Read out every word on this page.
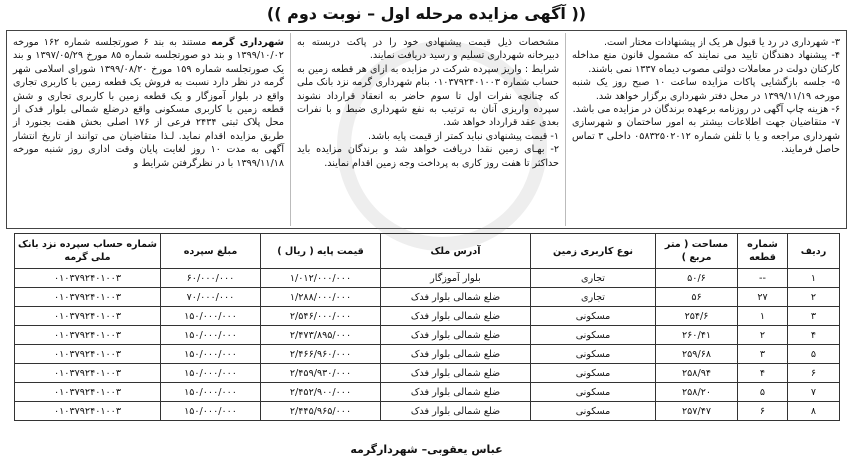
(( آگهی مزایده مرحله اول – نوبت دوم ))

شهرداری گرمه مستند به بند ۶ صورتجلسه شماره ۱۶۲ مورخه ۱۳۹۹/۱۰/۰۲ و بند دو صورتجلسه شماره ۸۵ مورخ ۱۳۹۷/۰۵/۲۹ و بند یک صورتجلسه شماره ۱۵۹ مورخ ۱۳۹۹/۰۸/۲۰ شورای اسلامی شهر گرمه در نظر دارد نسبت به فروش یک قطعه زمین با کاربری تجاری واقع در بلوار آموزگار و یک قطعه زمین با کاربری تجاری و شش قطعه زمین با کاربری مسکونی واقع درضلع شمالی بلوار فدک از محل پلاک ثبتی ۲۴۳۴ فرعی از ۱۷۶ اصلی بخش هفت بجنورد از طریق مزایده اقدام نماید. لـذا متقاضیان می توانند از تاریخ انتشار آگهی به مدت ۱۰ روز لغایت پایان وقت اداری روز شنبه مورخه ۱۳۹۹/۱۱/۱۸ با در نظرگرفتن شرایط و

مشخصات ذیل قیمت پیشنهادی خود را در پاکت دربسته به دبیرخانه شهرداری تسلیم و رسید دریافت نمایند.

شرایط : واریز سپرده شرکت در مزایده به ازای هر قطعه زمین به حساب شماره ۰۱۰۳۷۹۲۴۰۱۰۰۳ بنام شهرداری گرمه نزد بانک ملی که چنانچه نفرات اول تا سوم حاضر به انعقاد قرارداد نشوند سپرده واریزی آنان به ترتیب به نفع شهرداری ضبط و با نفرات بعدی عقد قرارداد خواهد شد.

۱- قیمت پیشنهادی نباید کمتر از قیمت پایه باشد.

۲- بهـای زمین نقدا دریافت خواهد شد و برندگان مزایده باید حداکثر تا هفت روز کاری به پرداخت وجه زمین اقدام نمایند.

۳- شهرداری در رد یا قبول هر یک از پیشنهادات مختار است.

۴- پیشنهاد دهندگان تایید می نمایند که مشمول قانون منع مداخله کارکنان دولت در معاملات دولتی مصوب دیماه ۱۳۳۷ نمی باشند.

۵- جلسه بازگشایی پاکات مزایده ساعت ۱۰ صبح روز یک شنبه مورخه ۱۳۹۹/۱۱/۱۹ در محل دفتر شهرداری برگزار خواهد شد.

۶- هزینه چاپ آگهی در روزنامه برعهده برندگان در مزایده می باشد.

۷- متقاضیان جهت اطلاعات بیشتر به امور ساختمان و شهرسازی شهرداری مراجعه و یا با تلفن شماره ۰۵۸۳۲۵۰۲۰۱۲ داخلی ۳ تماس حاصل فرمایند.

ردیف	شماره قطعه	مساحت ( متر مربع )	نوع کاربری زمین	آدرس ملک	قیمت پایه ( ریال )	مبلغ سپرده	شماره حساب سپرده نزد بانک ملی گرمه
۱	--	۵۰/۶	تجاری	بلوار آموزگار	۱/۰۱۲/۰۰۰/۰۰۰	۶۰/۰۰۰/۰۰۰	۰۱۰۳۷۹۲۴۰۱۰۰۳
۲	۲۷	۵۶	تجاری	ضلع شمالی بلوار فدک	۱/۲۸۸/۰۰۰/۰۰۰	۷۰/۰۰۰/۰۰۰	۰۱۰۳۷۹۲۴۰۱۰۰۳
۳	۱	۲۵۴/۶	مسکونی	ضلع شمالی بلوار فدک	۲/۵۴۶/۰۰۰/۰۰۰	۱۵۰/۰۰۰/۰۰۰	۰۱۰۳۷۹۲۴۰۱۰۰۳
۴	۲	۲۶۰/۴۱	مسکونی	ضلع شمالی بلوار فدک	۲/۴۷۳/۸۹۵/۰۰۰	۱۵۰/۰۰۰/۰۰۰	۰۱۰۳۷۹۲۴۰۱۰۰۳
۵	۳	۲۵۹/۶۸	مسکونی	ضلع شمالی بلوار فدک	۲/۴۶۶/۹۶۰/۰۰۰	۱۵۰/۰۰۰/۰۰۰	۰۱۰۳۷۹۲۴۰۱۰۰۳
۶	۴	۲۵۸/۹۴	مسکونی	ضلع شمالی بلوار فدک	۲/۴۵۹/۹۳۰/۰۰۰	۱۵۰/۰۰۰/۰۰۰	۰۱۰۳۷۹۲۴۰۱۰۰۳
۷	۵	۲۵۸/۲۰	مسکونی	ضلع شمالی بلوار فدک	۲/۴۵۲/۹۰۰/۰۰۰	۱۵۰/۰۰۰/۰۰۰	۰۱۰۳۷۹۲۴۰۱۰۰۳
۸	۶	۲۵۷/۴۷	مسکونی	ضلع شمالی بلوار فدک	۲/۴۴۵/۹۶۵/۰۰۰	۱۵۰/۰۰۰/۰۰۰	۰۱۰۳۷۹۲۴۰۱۰۰۳
عباس یعقوبی– شهردارگرمه
